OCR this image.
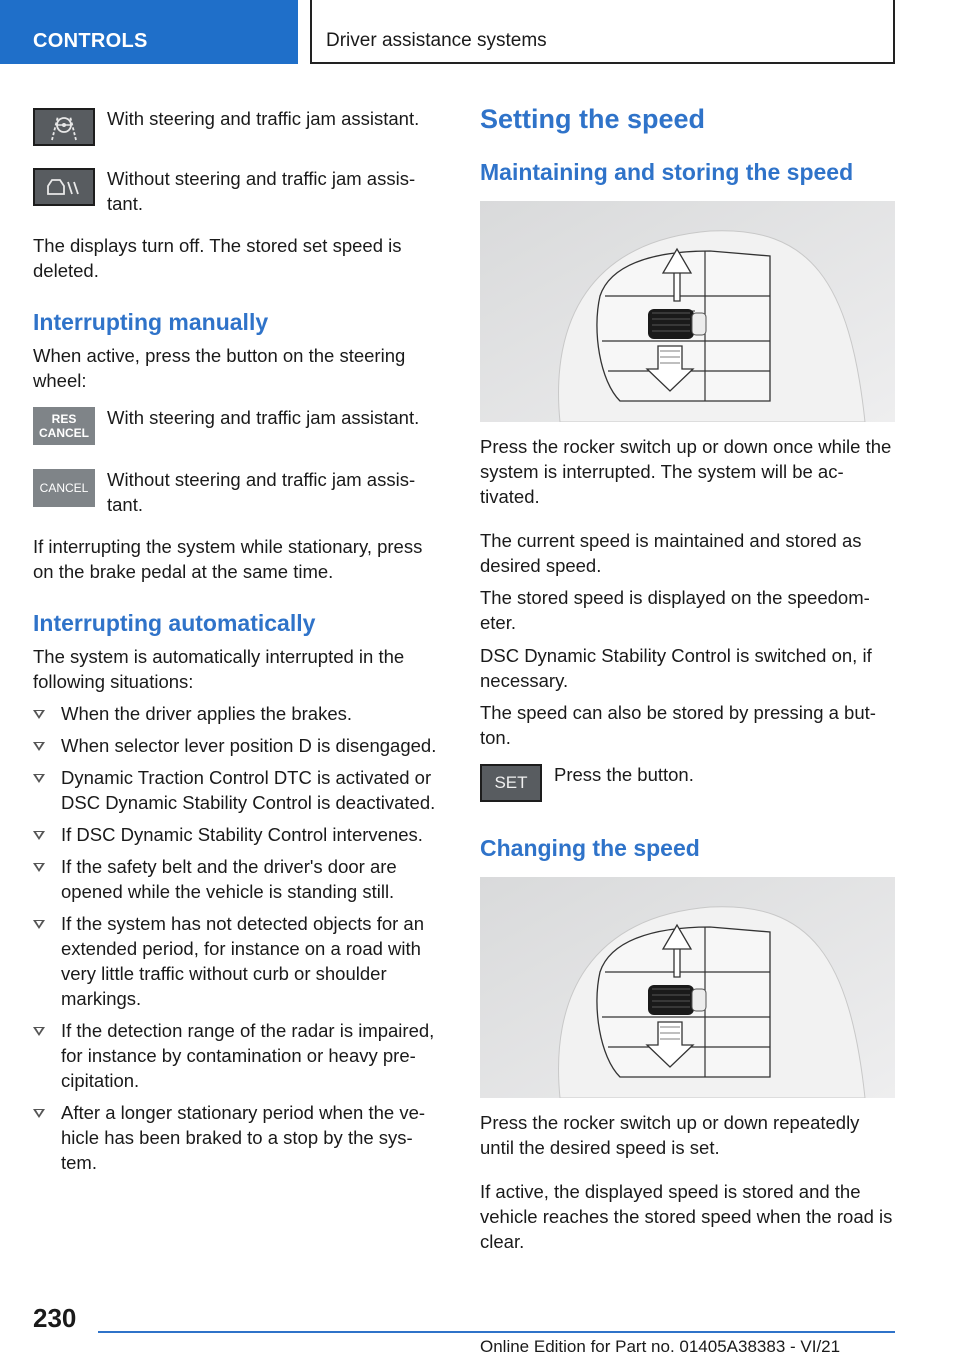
CONTROLS	Driver assistance systems

With steering and traffic jam assistant.

Without steering and traffic jam assis‐tant.

The displays turn off. The stored set speed is deleted.

Interrupting manually

When active, press the button on the steering wheel:

RES
CANCEL

With steering and traffic jam assistant.

CANCEL Without steering and traffic jam assis‐tant.

If interrupting the system while stationary, press on the brake pedal at the same time.

Interrupting automatically

The system is automatically interrupted in the following situations:

When the driver applies the brakes.
When selector lever position D is disengaged.
Dynamic Traction Control DTC is activated or DSC Dynamic Stability Control is deactivated.
If DSC Dynamic Stability Control intervenes.
If the safety belt and the driver's door are opened while the vehicle is standing still.
If the system has not detected objects for an extended period, for instance on a road with very little traffic without curb or shoulder markings.
If the detection range of the radar is impaired, for instance by contamination or heavy pre‐cipitation.
After a longer stationary period when the ve‐hicle has been braked to a stop by the sys‐tem.
Setting the speed
Maintaining and storing the speed

Press the rocker switch up or down once while the system is interrupted. The system will be ac‐tivated.

The current speed is maintained and stored as desired speed.

The stored speed is displayed on the speedom‐eter.

DSC Dynamic Stability Control is switched on, if necessary.

The speed can also be stored by pressing a but‐ton.

SET Press the button.

Changing the speed

Press the rocker switch up or down repeatedly until the desired speed is set.

If active, the displayed speed is stored and the vehicle reaches the stored speed when the road is clear.

230
Online Edition for Part no. 01405A38383 - VI/21
